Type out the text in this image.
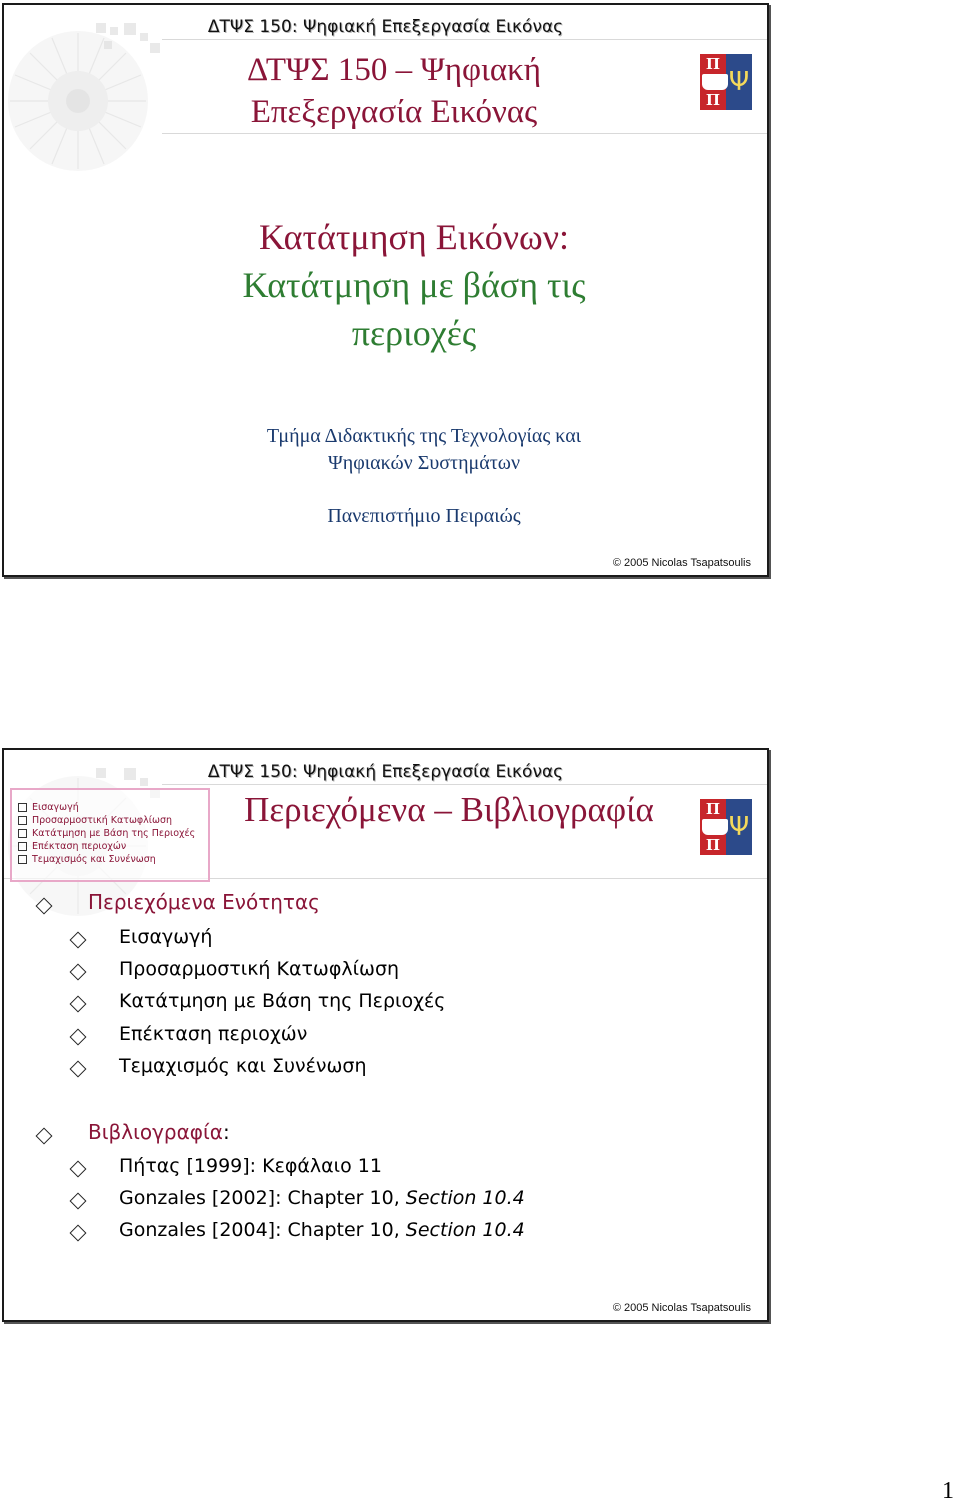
ΔΤΨΣ 150: Ψηφιακή Επεξεργασία Εικόνας
ΔΤΨΣ 150 – Ψηφιακή
Επεξεργασία Εικόνας
Π
Π
Ψ
Κατάτμηση Εικόνων:
Κατάτμηση με βάση τις
περιοχές
Τμήμα Διδακτικής της Τεχνολογίας και
Ψηφιακών Συστημάτων
Πανεπιστήμιο Πειραιώς
© 2005 Nicolas Tsapatsoulis
ΔΤΨΣ 150: Ψηφιακή Επεξεργασία Εικόνας
Εισαγωγή
Προσαρμοστική Κατωφλίωση
Κατάτμηση με Βάση της Περιοχές
Επέκταση περιοχών
Τεμαχισμός και Συνένωση
Περιεχόμενα – Βιβλιογραφία	Π
Π
Ψ
Περιεχόμενα Ενότητας
Εισαγωγή
Προσαρμοστική Κατωφλίωση
Κατάτμηση με Βάση της Περιοχές
Επέκταση περιοχών
Τεμαχισμός και Συνένωση
Βιβλιογραφία:
Πήτας [1999]: Κεφάλαιο 11
Gonzales [2002]: Chapter 10, Section 10.4
Gonzales [2004]: Chapter 10, Section 10.4
© 2005 Nicolas Tsapatsoulis
1
